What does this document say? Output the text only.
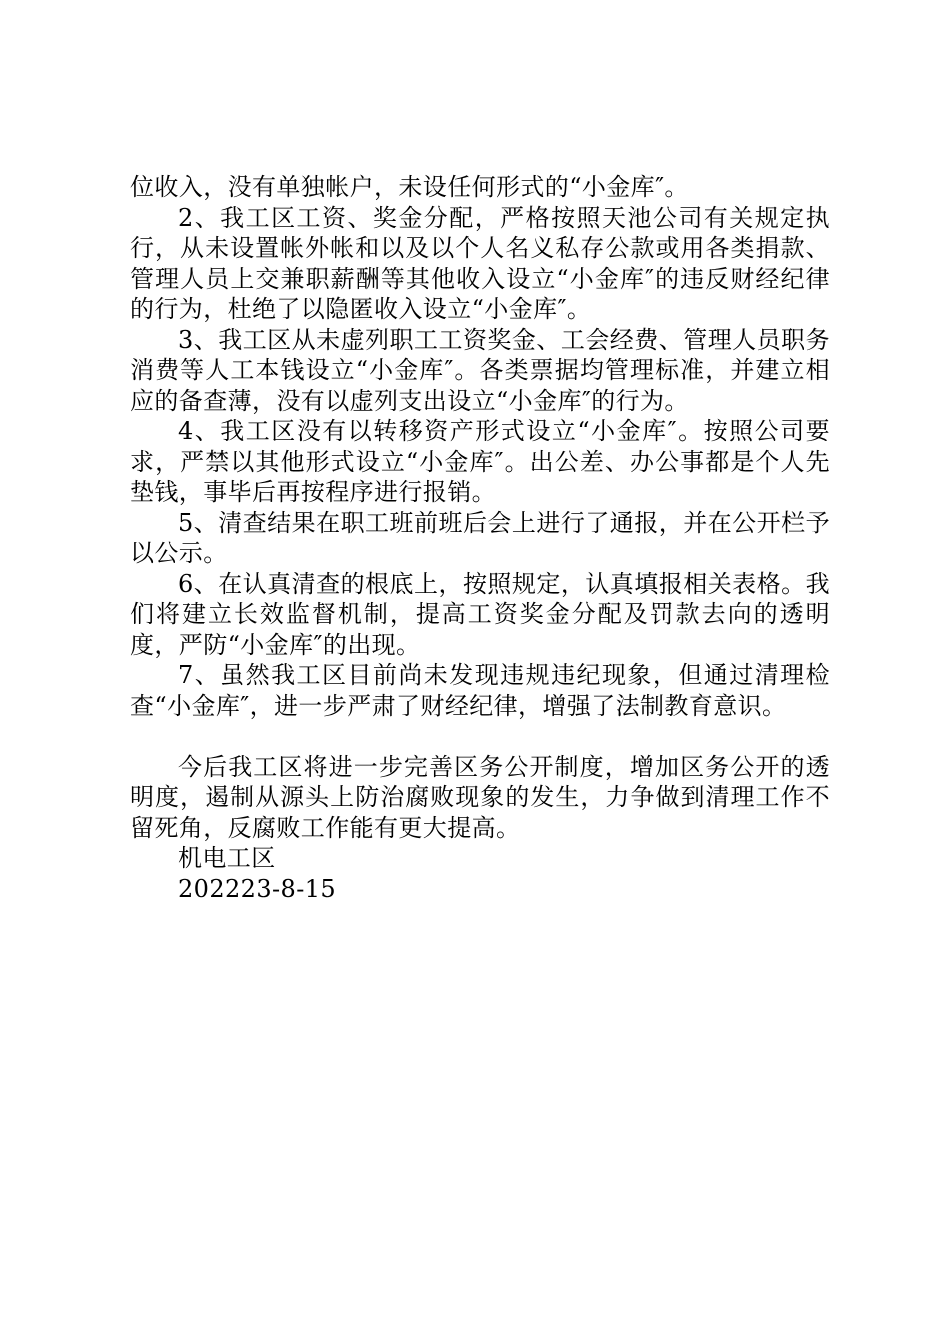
位收入，没有单独帐户，未设任何形式的“小金库″。

2、我工区工资、奖金分配，严格按照天池公司有关规定执行，从未设置帐外帐和以及以个人名义私存公款或用各类捐款、管理人员上交兼职薪酬等其他收入设立“小金库″的违反财经纪律的行为，杜绝了以隐匿收入设立“小金库″。

3、我工区从未虚列职工工资奖金、工会经费、管理人员职务消费等人工本钱设立“小金库″。各类票据均管理标准，并建立相应的备查薄，没有以虚列支出设立“小金库″的行为。

4、我工区没有以转移资产形式设立“小金库″。按照公司要求，严禁以其他形式设立“小金库″。出公差、办公事都是个人先垫钱，事毕后再按程序进行报销。

5、清查结果在职工班前班后会上进行了通报，并在公开栏予以公示。

6、在认真清查的根底上，按照规定，认真填报相关表格。我们将建立长效监督机制，提高工资奖金分配及罚款去向的透明度，严防“小金库″的出现。

7、虽然我工区目前尚未发现违规违纪现象，但通过清理检查“小金库″，进一步严肃了财经纪律，增强了法制教育意识。

今后我工区将进一步完善区务公开制度，增加区务公开的透明度，遏制从源头上防治腐败现象的发生，力争做到清理工作不留死角，反腐败工作能有更大提高。

机电工区

202223-8-15
